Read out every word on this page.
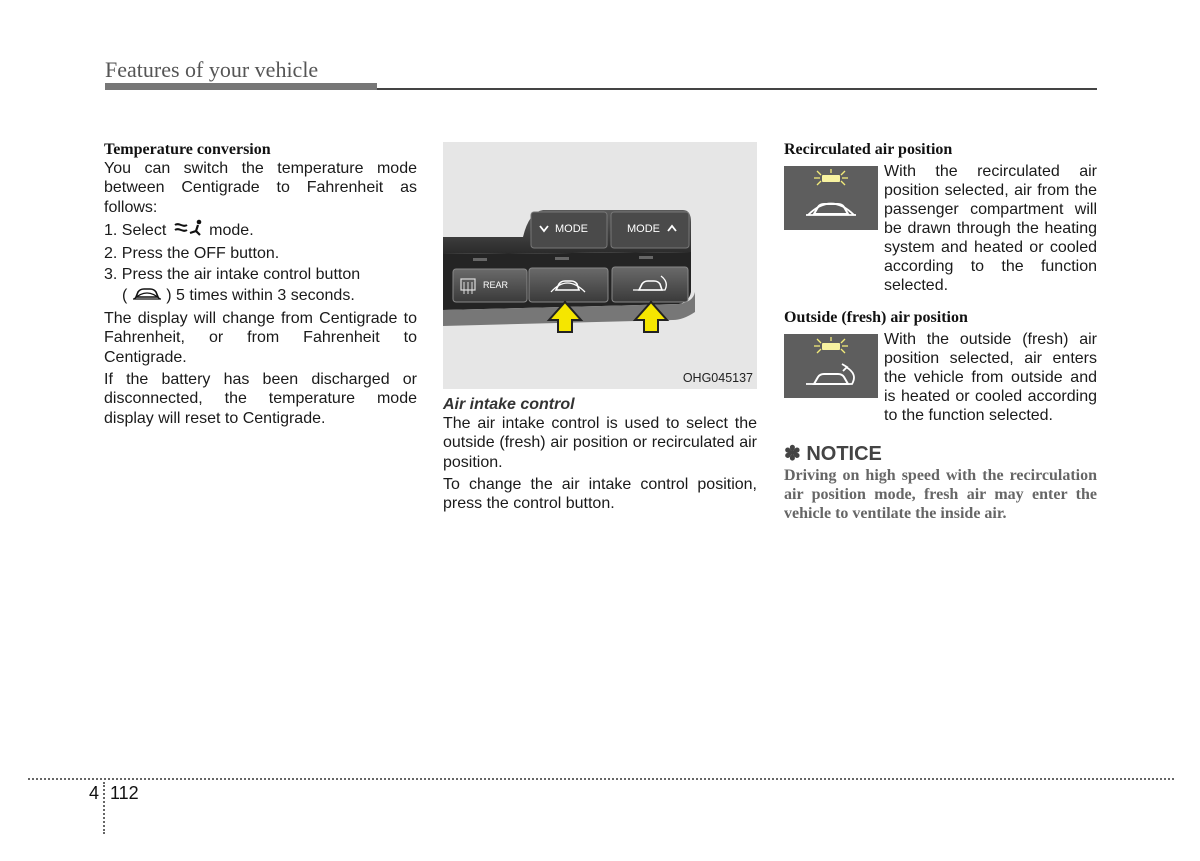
Features of your vehicle
Temperature conversion

You can switch the temperature mode between Centigrade to Fahrenheit as follows:

1. Select	mode.
2. Press the OFF button.
3. Press the air intake control button
( ) 5 times within 3 seconds.

The display will change from Centigrade to Fahrenheit, or from Fahrenheit to Centigrade.

If the battery has been discharged or disconnected, the temperature mode display will reset to Centigrade.

MODE	MODE
REAR
OHG045137
Air intake control

The air intake control is used to select the outside (fresh) air position or recirculated air position.

To change the air intake control position, press the control button.

Recirculated air position
With the recirculated air position selected, air from the passenger compartment will be drawn through the heating system and heated or cooled according to the function selected.
Outside (fresh) air position
With the outside (fresh) air position selected, air enters the vehicle from outside and is heated or cooled according to the function selected.
✽ NOTICE
Driving on high speed with the recirculation air position mode, fresh air may enter the vehicle to ventilate the inside air.
4 112
